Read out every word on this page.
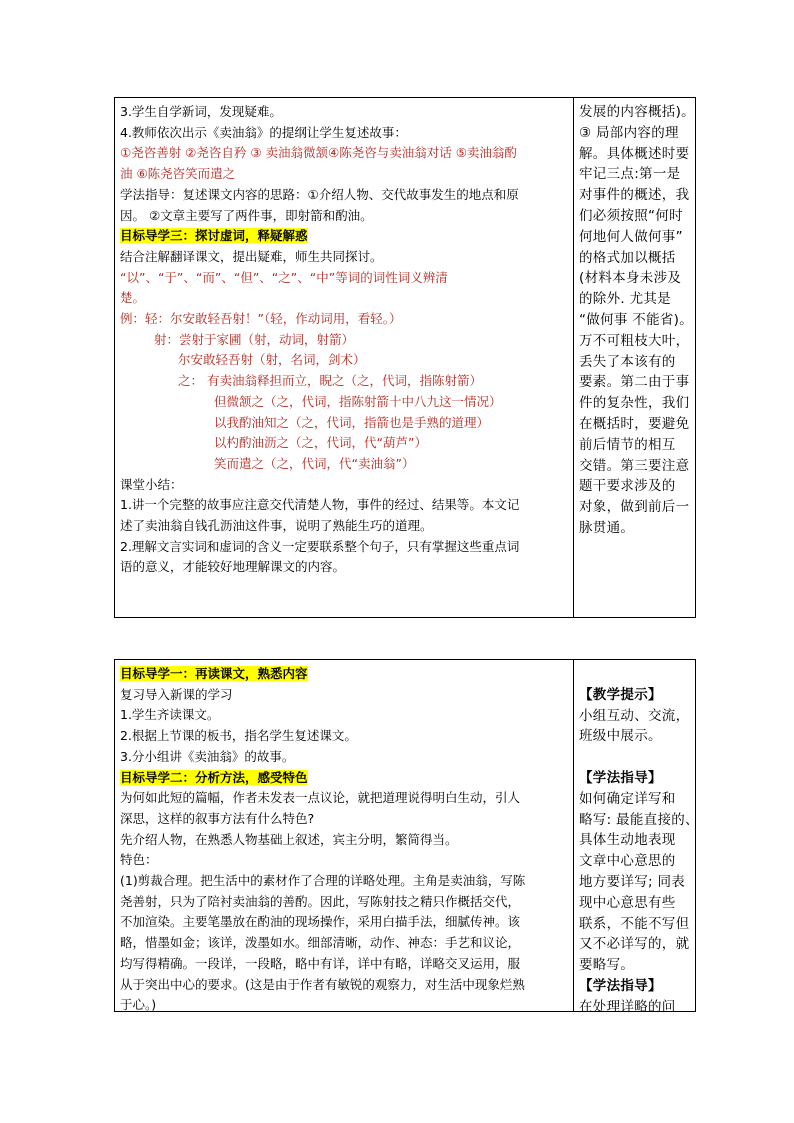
3.学生自学新词，发现疑难。
4.教师依次出示《卖油翁》的提纲让学生复述故事：
①尧咨善射 ②尧咨自矜 ③ 卖油翁微颔④陈尧咨与卖油翁对话 ⑤卖油翁酌
油 ⑥陈尧咨笑而遣之
学法指导：复述课文内容的思路：①介绍人物、交代故事发生的地点和原
因。 ②文章主要写了两件事，即射箭和酌油。
目标导学三：探讨虚词，释疑解惑
结合注解翻译课文，提出疑难，师生共同探讨。
“以”、“于”、“而”、“但”、“之”、“中”等词的词性词义辨清
楚。
例：轻：尔安敢轻吾射！”（轻，作动词用，看轻。）
射：尝射于家圃（射，动词，射箭）
尔安敢轻吾射（射，名词，剑术）
之： 有卖油翁释担而立，睨之（之，代词，指陈射箭）
但微颔之（之，代词，指陈射箭十中八九这一情况）
以我酌油知之（之，代词，指箭也是手熟的道理）
以杓酌油沥之（之，代词，代“葫芦”）
笑而遣之（之，代词，代“卖油翁”）
课堂小结：
1.讲一个完整的故事应注意交代清楚人物，事件的经过、结果等。本文记
述了卖油翁自钱孔沥油这件事，说明了熟能生巧的道理。
2.理解文言实词和虚词的含义一定要联系整个句子，只有掌握这些重点词
语的意义，才能较好地理解课文的内容。
发展的内容概括)。
③ 局部内容的理
解。具体概述时要
牢记三点:第一是
对事件的概述，我
们必须按照“何时
何地何人做何事”
的格式加以概括
(材料本身未涉及
的除外. 尤其是
“做何事 不能省)。
万不可粗枝大叶，
丢失了本该有的
要素。第二由于事
件的复杂性，我们
在概括时，要避免
前后情节的相互
交错。第三要注意
题干要求涉及的
对象，做到前后一
脉贯通。
目标导学一：再读课文，熟悉内容
复习导入新课的学习
1.学生齐读课文。
2.根据上节课的板书，指名学生复述课文。
3.分小组讲《卖油翁》的故事。
目标导学二：分析方法，感受特色
为何如此短的篇幅，作者未发表一点议论，就把道理说得明白生动，引人
深思，这样的叙事方法有什么特色?
先介绍人物，在熟悉人物基础上叙述，宾主分明，繁简得当。
特色：
(1)剪裁合理。把生活中的素材作了合理的详略处理。主角是卖油翁，写陈
尧善射，只为了陪衬卖油翁的善酌。因此，写陈射技之精只作概括交代，
不加渲染。主要笔墨放在酌油的现场操作，采用白描手法，细腻传神。该
略，惜墨如金；该详，泼墨如水。细部清晰，动作、神态：手艺和议论，
均写得精确。一段详，一段略，略中有详，详中有略，详略交叉运用，服
从于突出中心的要求。(这是由于作者有敏锐的观察力，对生活中现象烂熟
于心。)
【教学提示】
小组互动、交流，
班级中展示。
【学法指导】
如何确定详写和
略写: 最能直接的、
具体生动地表现
文章中心意思的
地方要详写; 同表
现中心意思有些
联系，不能不写但
又不必详写的，就
要略写。
【学法指导】
在处理详略的问
